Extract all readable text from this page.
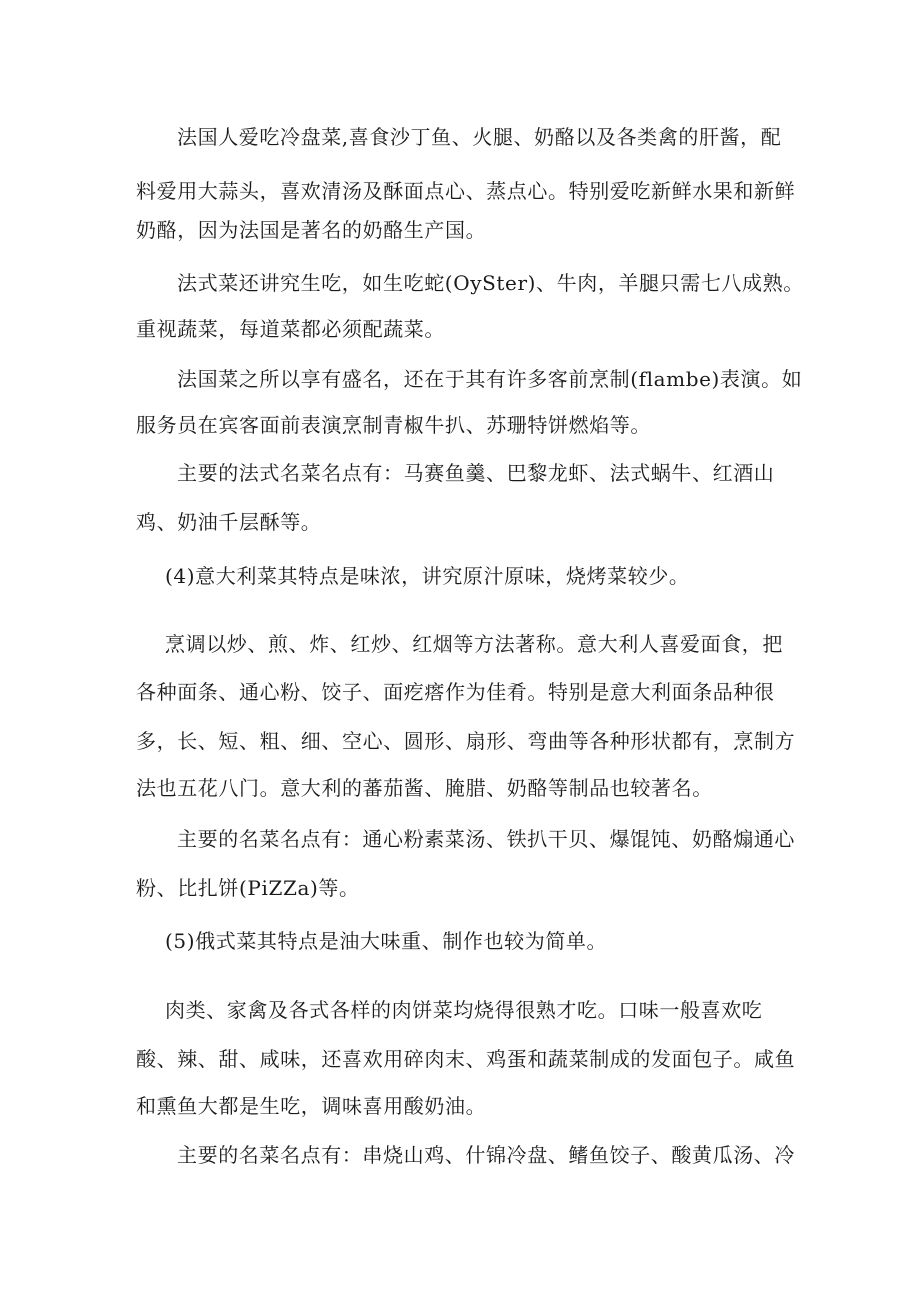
法国人爱吃冷盘菜,喜食沙丁鱼、火腿、奶酪以及各类禽的肝酱，配

料爱用大蒜头，喜欢清汤及酥面点心、蒸点心。特别爱吃新鲜水果和新鲜

奶酪，因为法国是著名的奶酪生产国。

法式菜还讲究生吃，如生吃蛇(OySter)、牛肉，羊腿只需七八成熟。

重视蔬菜，每道菜都必须配蔬菜。

法国菜之所以享有盛名，还在于其有许多客前烹制(flambe)表演。如

服务员在宾客面前表演烹制青椒牛扒、苏珊特饼燃焰等。

主要的法式名菜名点有：马赛鱼羹、巴黎龙虾、法式蜗牛、红酒山

鸡、奶油千层酥等。

(4)意大利菜其特点是味浓，讲究原汁原味，烧烤菜较少。

烹调以炒、煎、炸、红炒、红烟等方法著称。意大利人喜爱面食，把

各种面条、通心粉、饺子、面疙瘩作为佳肴。特别是意大利面条品种很

多，长、短、粗、细、空心、圆形、扇形、弯曲等各种形状都有，烹制方

法也五花八门。意大利的蕃茄酱、腌腊、奶酪等制品也较著名。

主要的名菜名点有：通心粉素菜汤、铁扒干贝、爆馄饨、奶酪煽通心

粉、比扎饼(PiZZa)等。

(5)俄式菜其特点是油大味重、制作也较为简单。

肉类、家禽及各式各样的肉饼菜均烧得很熟才吃。口味一般喜欢吃

酸、辣、甜、咸味，还喜欢用碎肉末、鸡蛋和蔬菜制成的发面包子。咸鱼

和熏鱼大都是生吃，调味喜用酸奶油。

主要的名菜名点有：串烧山鸡、什锦冷盘、鳍鱼饺子、酸黄瓜汤、冷
